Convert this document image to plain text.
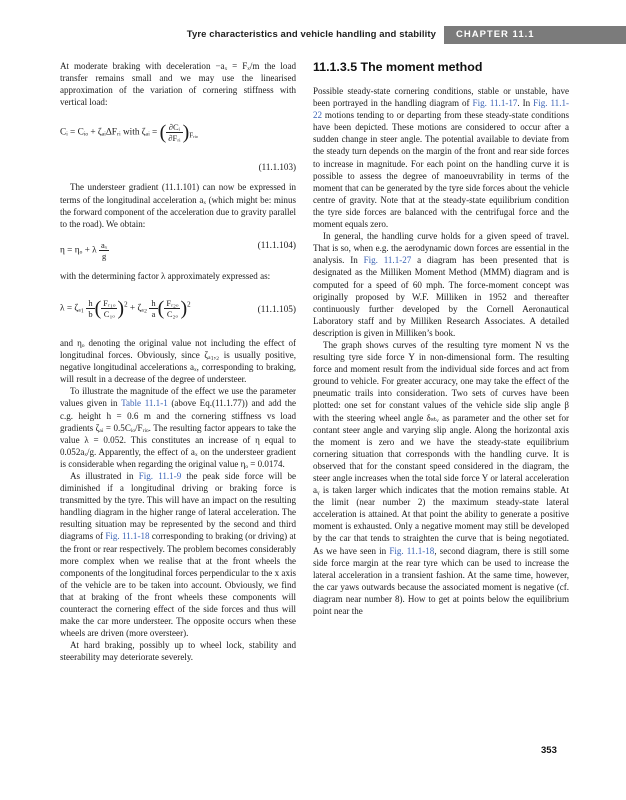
Tyre characteristics and vehicle handling and stability	CHAPTER 11.1

At moderate braking with deceleration −aₓ = Fₓ/m the load transfer remains small and we may use the linearised approximation of the variation of cornering stiffness with vertical load:

Cᵢ = Cᵢₒ + ζₐᵢΔFᵣᵢ with ζₐᵢ = ( $\frac{\text{∂Cᵢ}}{\text{∂Fᵣᵢ}} )_{Fᵣᵢ_o}$
(11.1.103)

The understeer gradient (11.1.101) can now be expressed in terms of the longitudinal acceleration aₓ (which might be: minus the forward component of the acceleration due to gravity parallel to the road). We obtain:

η = ηₒ + λ $\frac{\text{aₓ}}{g}$	(11.1.104)

with the determining factor λ approximately expressed as:

$\lambda = \zeta_{a1} \frac{h}{b}$ ( $\frac{\text{Fᵣ₁ₒ}}{\text{C₁ₒ}} )^2 + \zeta_{a2} \frac{h}{a}$ ( $\frac{\text{Fᵣ₂ₒ}}{\text{C₂ₒ}} )^2$
(11.1.105)

and ηₒ denoting the original value not including the effect of longitudinal forces. Obviously, since ζₐ₁,₂ is usually positive, negative longitudinal accelerations aₓ, corresponding to braking, will result in a decrease of the degree of understeer.

To illustrate the magnitude of the effect we use the parameter values given in Table 11.1-1 (above Eq.(11.1.77)) and add the c.g. height h = 0.6 m and the cornering stiffness vs load gradients ζₐᵢ = 0.5Cᵢₒ/Fᵣᵢₒ. The resulting factor appears to take the value λ = 0.052. This constitutes an increase of η equal to 0.052aₓ/g. Apparently, the effect of aₓ on the understeer gradient is considerable when regarding the original value ηₒ = 0.0174.

As illustrated in Fig. 11.1-9 the peak side force will be diminished if a longitudinal driving or braking force is transmitted by the tyre. This will have an impact on the resulting handling diagram in the higher range of lateral acceleration. The resulting situation may be represented by the second and third diagrams of Fig. 11.1-18 corresponding to braking (or driving) at the front or rear respectively. The problem becomes considerably more complex when we realise that at the front wheels the components of the longitudinal forces perpendicular to the x axis of the vehicle are to be taken into account. Obviously, we find that at braking of the front wheels these components will counteract the cornering effect of the side forces and thus will make the car more understeer. The opposite occurs when these wheels are driven (more oversteer).

At hard braking, possibly up to wheel lock, stability and steerability may deteriorate severely.

11.1.3.5 The moment method

Possible steady-state cornering conditions, stable or unstable, have been portrayed in the handling diagram of Fig. 11.1-17. In Fig. 11.1-22 motions tending to or departing from these steady-state conditions have been depicted. These motions are considered to occur after a sudden change in steer angle. The potential available to deviate from the steady turn depends on the margin of the front and rear side forces to increase in magnitude. For each point on the handling curve it is possible to assess the degree of manoeuvrability in terms of the moment that can be generated by the tyre side forces about the vehicle centre of gravity. Note that at the steady-state equilibrium condition the tyre side forces are balanced with the centrifugal force and the moment equals zero.

In general, the handling curve holds for a given speed of travel. That is so, when e.g. the aerodynamic down forces are essential in the analysis. In Fig. 11.1-27 a diagram has been presented that is designated as the Milliken Moment Method (MMM) diagram and is computed for a speed of 60 mph. The force-moment concept was originally proposed by W.F. Milliken in 1952 and thereafter continuously further developed by the Cornell Aeronautical Laboratory staff and by Milliken Research Associates. A detailed description is given in Milliken’s book.

The graph shows curves of the resulting tyre moment N vs the resulting tyre side force Y in non-dimensional form. The resulting force and moment result from the individual side forces and act from ground to vehicle. For greater accuracy, one may take the effect of the pneumatic trails into consideration. Two sets of curves have been plotted: one set for constant values of the vehicle side slip angle β with the steering wheel angle δₛₜᵥ as parameter and the other set for contant steer angle and varying slip angle. Along the horizontal axis the moment is zero and we have the steady-state equilibrium cornering situation that corresponds with the handling curve. It is observed that for the constant speed considered in the diagram, the steer angle increases when the total side force Y or lateral acceleration aᵧ is taken larger which indicates that the motion remains stable. At the limit (near number 2) the maximum steady-state lateral acceleration is attained. At that point the ability to generate a positive moment is exhausted. Only a negative moment may still be developed by the car that tends to straighten the curve that is being negotiated. As we have seen in Fig. 11.1-18, second diagram, there is still some side force margin at the rear tyre which can be used to increase the lateral acceleration in a transient fashion. At the same time, however, the car yaws outwards because the associated moment is negative (cf. diagram near number 8). How to get at points below the equilibrium point near the

353
